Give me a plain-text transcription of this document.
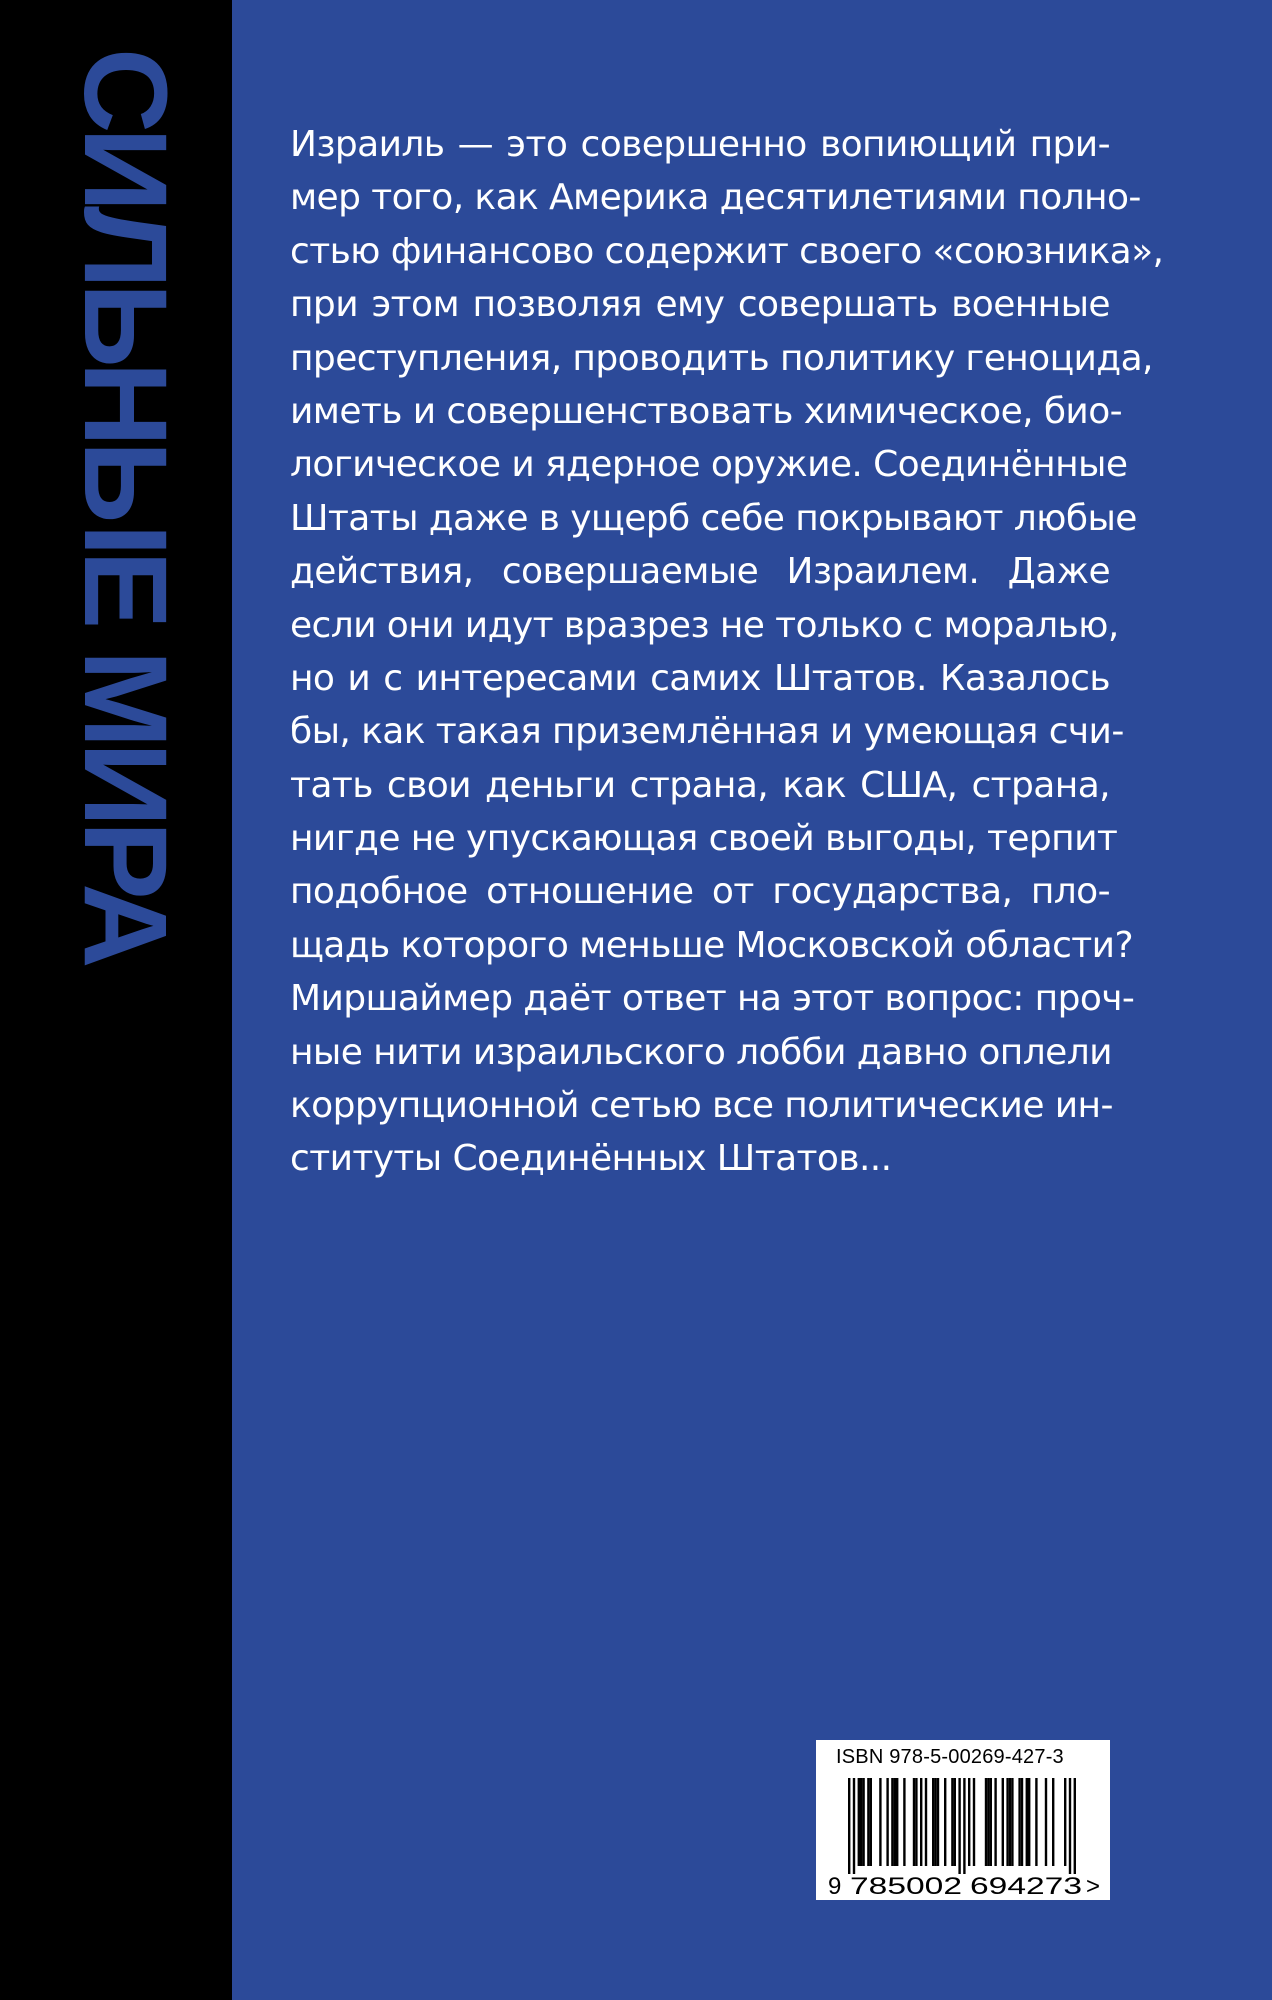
СИЛЬНЫЕ МИРА	Израиль — это совершенно вопиющий при-
мер того, как Америка десятилетиями полно-
стью финансово содержит своего «союзника»,
при этом позволяя ему совершать военные
преступления, проводить политику геноцида,
иметь и совершенствовать химическое, био-
логическое и ядерное оружие. Соединённые
Штаты даже в ущерб себе покрывают любые
действия, совершаемые Израилем. Даже
если они идут вразрез не только с моралью,
но и с интересами самих Штатов. Казалось
бы, как такая приземлённая и умеющая счи-
тать свои деньги страна, как США, страна,
нигде не упускающая своей выгоды, терпит
подобное отношение от государства, пло-
щадь которого меньше Московской области?
Миршаймер даёт ответ на этот вопрос: проч-
ные нити израильского лобби давно оплели
коррупционной сетью все политические ин-
ституты Соединённых Штатов...
ISBN 978-5-00269-427-3
9 785002 694273 >
